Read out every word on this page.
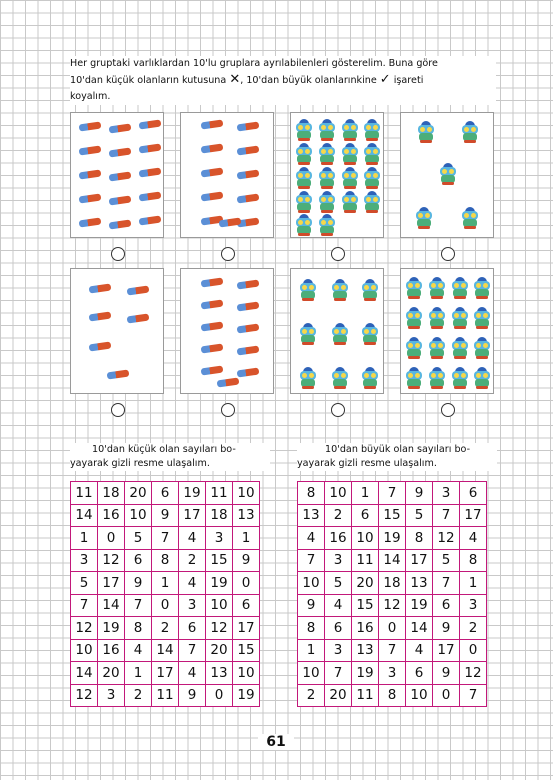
Her gruptaki varlıklardan 10'lu gruplara ayrılabilenleri gösterelim. Buna göre
10'dan küçük olanların kutusuna ✕, 10'dan büyük olanlarınkine ✓ işareti
koyalım.
10'dan küçük olan sayıları bo-
yayarak gizli resme ulaşalım.
10'dan büyük olan sayıları bo-
yayarak gizli resme ulaşalım.
11	18	20	6	19	11	10
14	16	10	9	17	18	13
1	0	5	7	4	3	1
3	12	6	8	2	15	9
5	17	9	1	4	19	0
7	14	7	0	3	10	6
12	19	8	2	6	12	17
10	16	4	14	7	20	15
14	20	1	17	4	13	10
12	3	2	11	9	0	19
8	10	1	7	9	3	6
13	2	6	15	5	7	17
4	16	10	19	8	12	4
7	3	11	14	17	5	8
10	5	20	18	13	7	1
9	4	15	12	19	6	3
8	6	16	0	14	9	2
1	3	13	7	4	17	0
10	7	19	3	6	9	12
2	20	11	8	10	0	7
61
